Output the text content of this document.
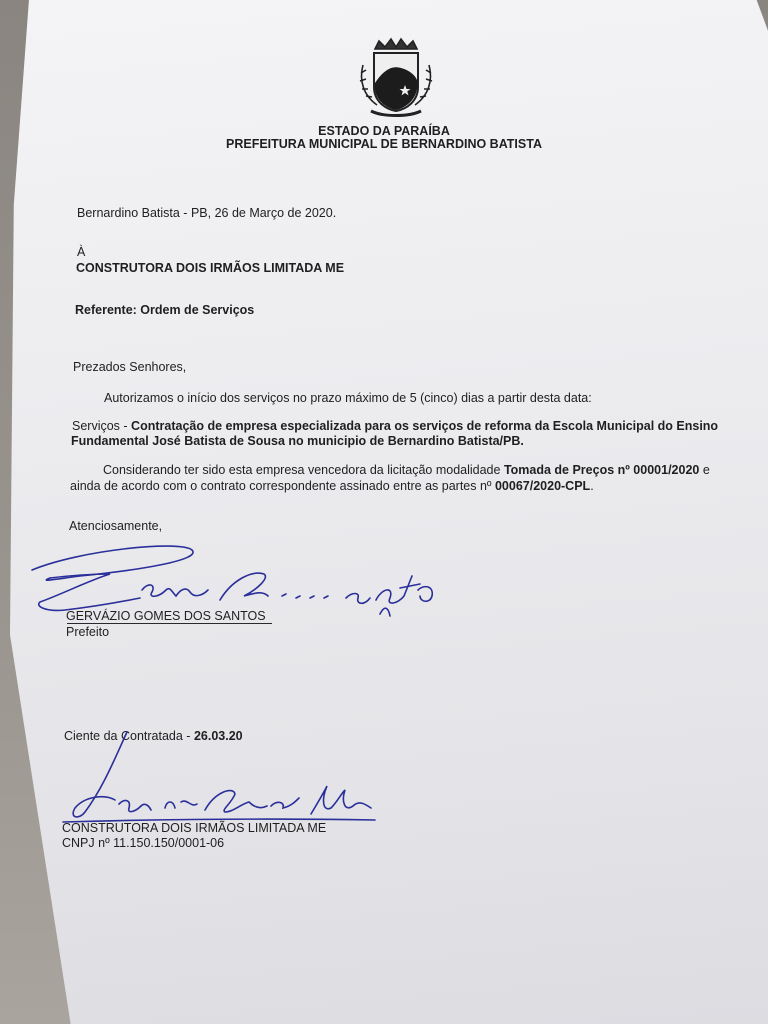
ESTADO DA PARAÍBA
PREFEITURA MUNICIPAL DE BERNARDINO BATISTA
Bernardino Batista - PB, 26 de Março de 2020.
À
CONSTRUTORA DOIS IRMÃOS LIMITADA ME
Referente: Ordem de Serviços
Prezados Senhores,
Autorizamos o início dos serviços no prazo máximo de 5 (cinco) dias a partir desta data:
Serviços - Contratação de empresa especializada para os serviços de reforma da Escola Municipal do Ensino
Fundamental José Batista de Sousa no municipio de Bernardino Batista/PB.
Considerando ter sido esta empresa vencedora da licitação modalidade Tomada de Preços nº 00001/2020 e
ainda de acordo com o contrato correspondente assinado entre as partes nº 00067/2020-CPL.
Atenciosamente,
GERVÁZIO GOMES DOS SANTOS
Prefeito
Ciente da Contratada - 26.03.20
CONSTRUTORA DOIS IRMÃOS LIMITADA ME
CNPJ nº 11.150.150/0001-06
